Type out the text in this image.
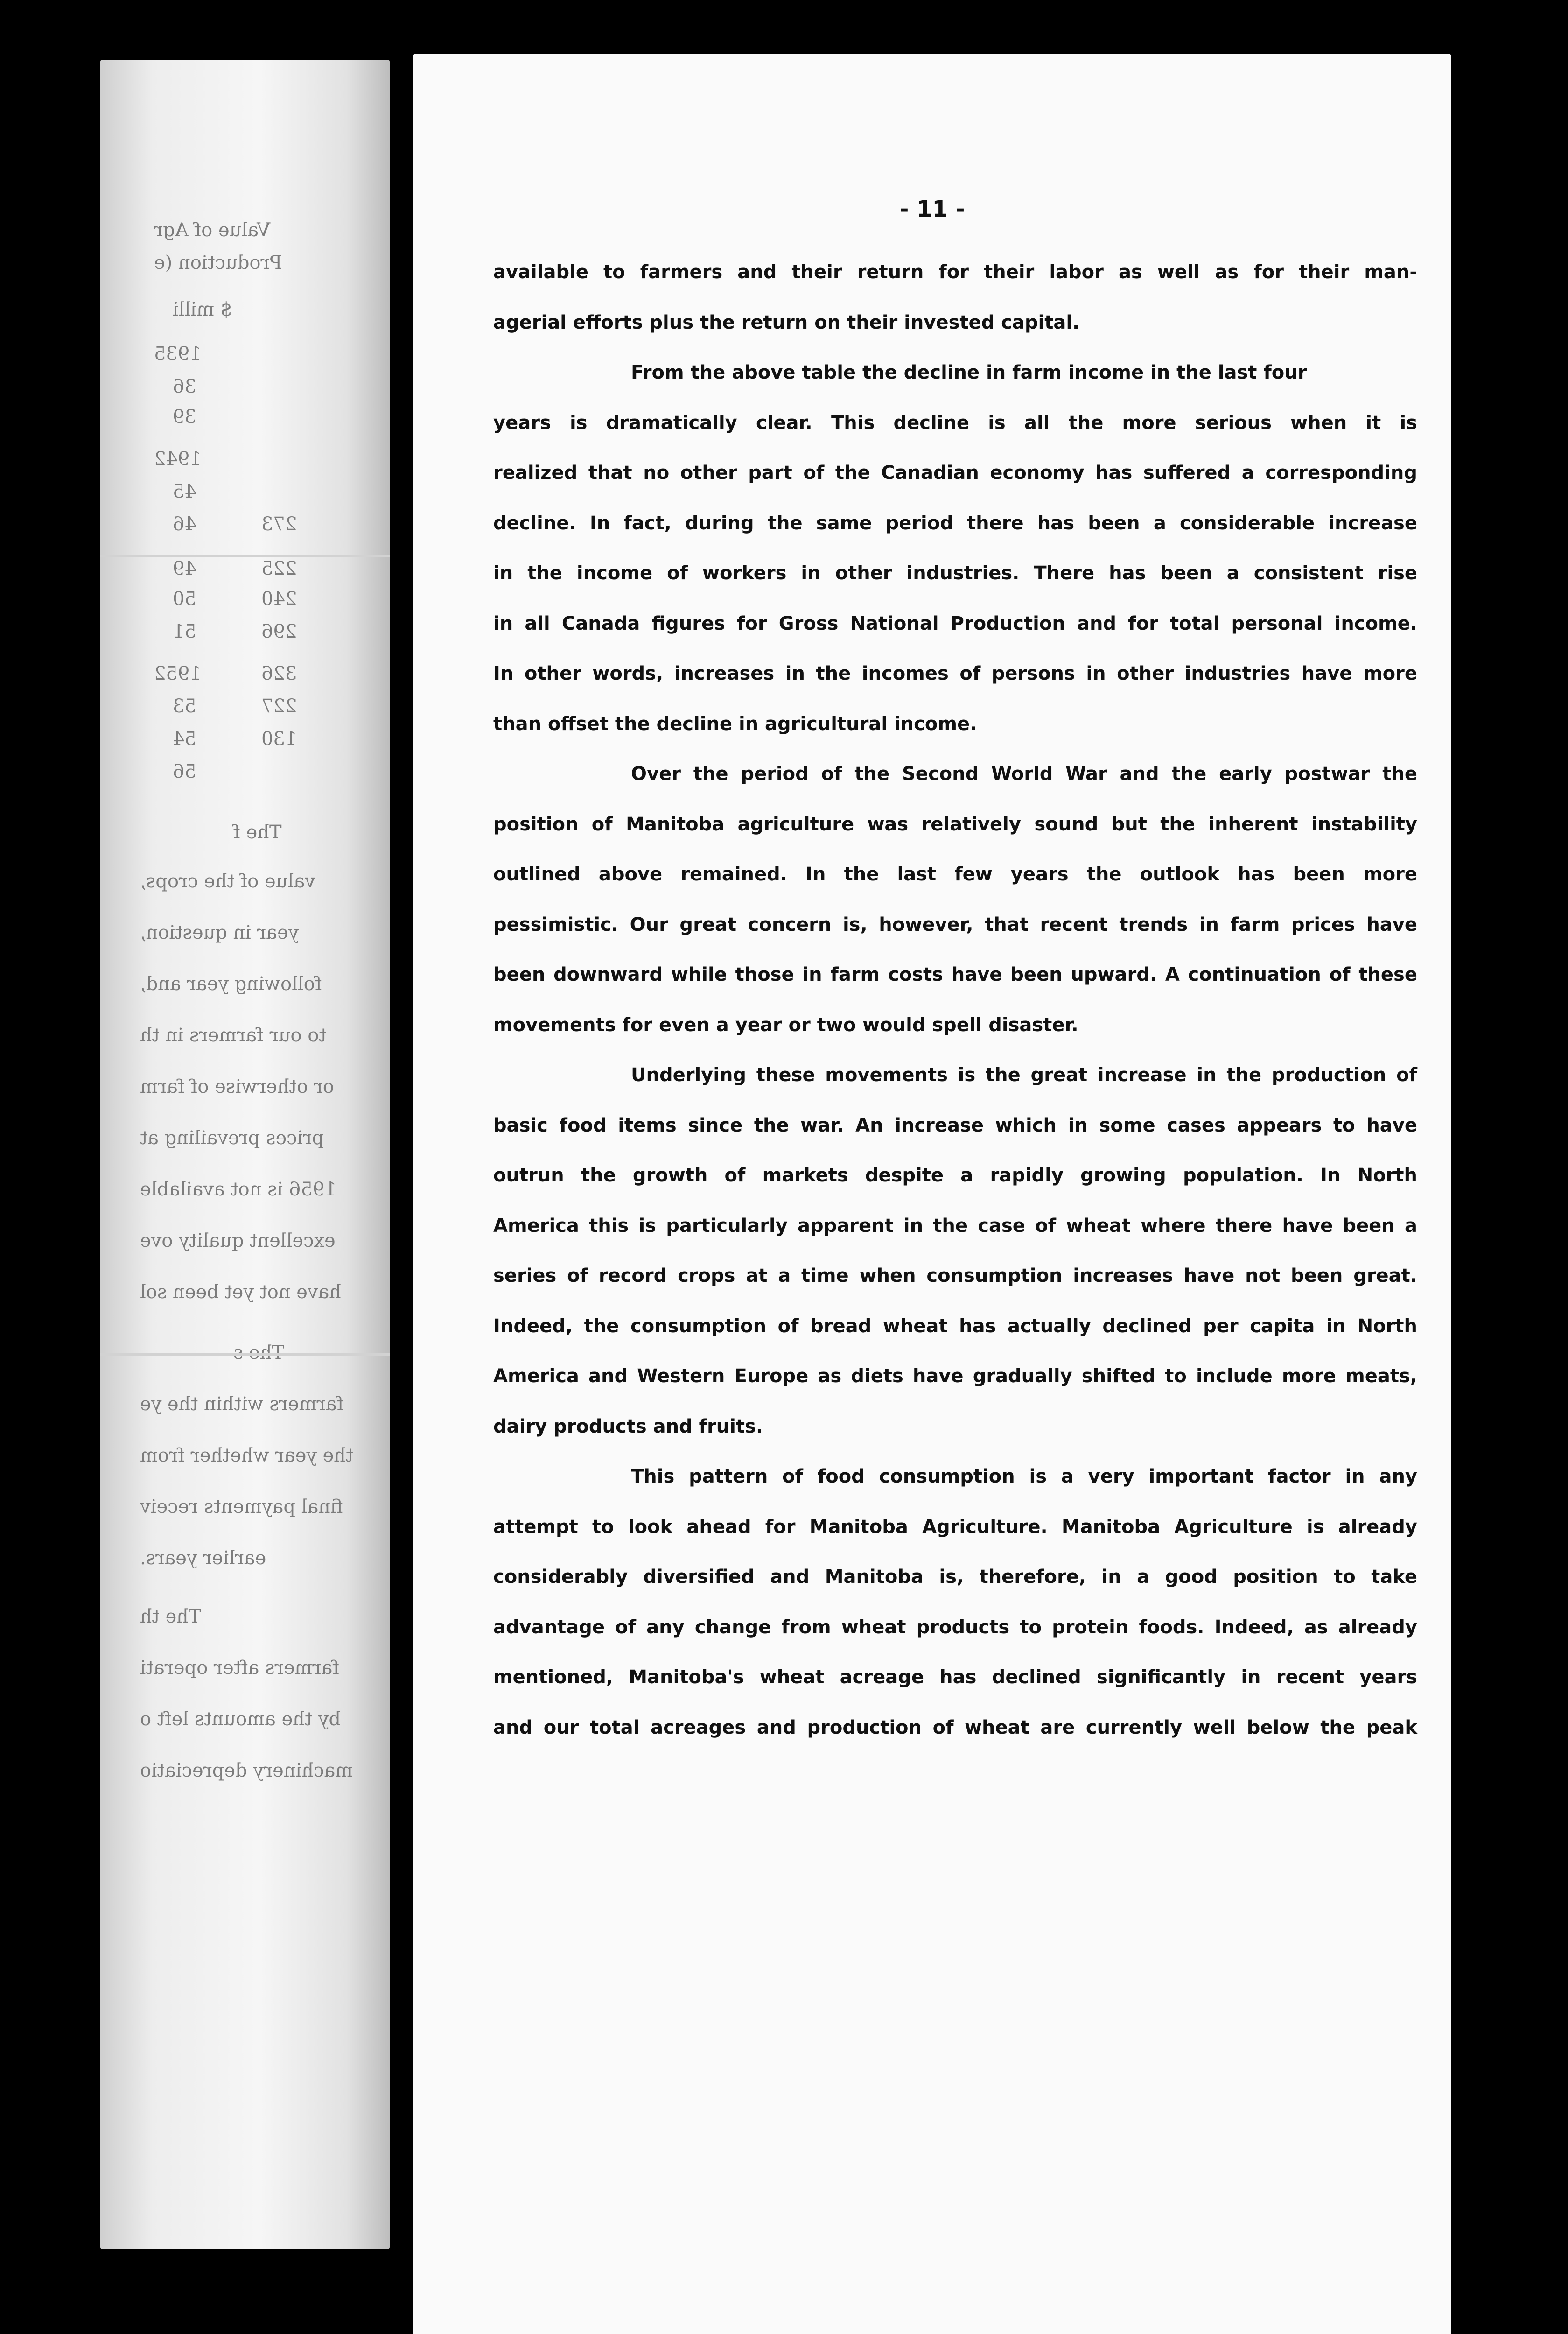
Value of Agr
Production (e
$ milli
1935
36
39
1942
45
46	273
49	225
50	240
51	296
1952	326
53	227
54	130
56
The f
value of the crops,
year in question,
following year and,
to our farmers in th
or otherwise of farm
prices prevailing at
1956 is not available
excellent quality ove
have not yet been sol
farmers within the ye
the year whether from
final payments receiv
earlier years.
The th
farmers after operati
by the amounts left o
machinery depreciatio
- 11 -
available to farmers and their return for their labor as well as for their man-
agerial efforts plus the return on their invested capital.
From the above table the decline in farm income in the last four
years is dramatically clear. This decline is all the more serious when it is
realized that no other part of the Canadian economy has suffered a corresponding
decline. In fact, during the same period there has been a considerable increase
in the income of workers in other industries. There has been a consistent rise
in all Canada figures for Gross National Production and for total personal income.
In other words, increases in the incomes of persons in other industries have more
than offset the decline in agricultural income.
Over the period of the Second World War and the early postwar the
position of Manitoba agriculture was relatively sound but the inherent instability
outlined above remained. In the last few years the outlook has been more
pessimistic. Our great concern is, however, that recent trends in farm prices have
been downward while those in farm costs have been upward. A continuation of these
movements for even a year or two would spell disaster.
Underlying these movements is the great increase in the production of
basic food items since the war. An increase which in some cases appears to have
outrun the growth of markets despite a rapidly growing population. In North
America this is particularly apparent in the case of wheat where there have been a
series of record crops at a time when consumption increases have not been great.
Indeed, the consumption of bread wheat has actually declined per capita in North
America and Western Europe as diets have gradually shifted to include more meats,
dairy products and fruits.
This pattern of food consumption is a very important factor in any
attempt to look ahead for Manitoba Agriculture. Manitoba Agriculture is already
considerably diversified and Manitoba is, therefore, in a good position to take
advantage of any change from wheat products to protein foods. Indeed, as already
mentioned, Manitoba's wheat acreage has declined significantly in recent years
and our total acreages and production of wheat are currently well below the peak
